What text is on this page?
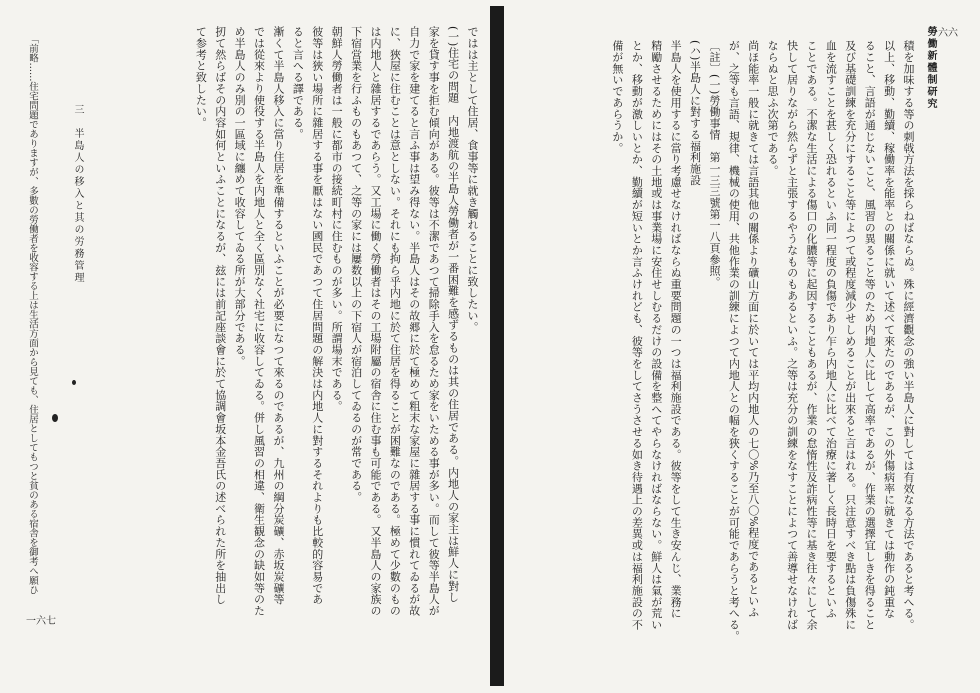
三　半島人の移入と其の労務管理	ではは主として住居、食事等に就き觸れることに致したい。
(一)住宅の問題　内地渡航の半島人勞働者が一番困難を感ずるものは其の住居である。内地人の家主は鮮人に對し
家を貸す事を拒む傾向がある。彼等は不潔であつて掃除手入を怠るため家をいためる事が多い。而して彼等半島人が
自力で家を建てると言ふ事は望み得ない。半島人はその故郷に於て極めて粗末な家屋に雜居する事に慣れてゐるが故
に、狹屋に住むことは意としない。それにも拘ら乎内地に於て住居を得ることが困難なのである。極めて少數のもの
は内地人と雜居するであらう。又工場に働く勞働者はその工場附屬の宿舎に住む事も可能である。又半島人の家族の
下宿営業を行ふものもあつて、之等の家には屢数以上の下宿人が宿泊してゐるのが常である。
朝鮮人勞働者は一般に都市の接続町村に住むものが多い。所謂場末である。
彼等は狹い場所に雜居する事を厭はない國民であつて住居問題の解決は内地人に對するそれよりも比較的容易であ
ると言へる譯である。
漸くて半島人移入に當り住居を準備するといふことが必要になつて來るのであるが、九州の綱分炭礦、赤坂炭礦等
では從來より使役する半島人を内地人と全く區別なく社宅に收容してゐる。併し風習の相違、衛生観念の缺如等のた
め半島人のみ別の一區域に纏めて收容してゐる所が大部分である。
扨て然らばその内容如何といふことになるが、玆には前記座談會に於て協調會坂本金吾氏の述べられた所を抽出し
て参考と致したい。
「前略……住宅問題でありますが、多數の勞働者を收容する上は生活方面から見ても、住居としてもつと貧のある宿舎を御考へ願ひ
一六七
勞働新體制研究
積を加味する等の刺戟方法を採らねばならぬ。殊に經濟觀念の強い半島人に對しては有效なる方法であると考へる。
以上、移動、勤續、稼働率を能率との關係に就いて述べて來たのであるが、この外傷病率に就きては動作の鈍重な
ること、言語が通じないこと、風習の異ること等のため内地人に比して高率であるが、作業の選擇宜しきを得ること
及び基礎訓練を充分にすること等によつて或程度減少せしめることが出來ると言はれる。只注意すべき點は負傷殊に
血を流すことを甚しく恐れるといふ同一程度の負傷であり乍ら内地人に比べて治療に著しく長時日を要するといふ
ことである。不潔な生活による傷口の化膿等に起因することもあるが、作業の怠惰性及詐病性等に基き往々にして余
快して居りながら然らずと主張するやうなものもあるといふ。之等は充分の訓練をなすことによつて善導せなければ
ならぬと思ふ次第である。
尚ほ能率一般に就きては言語其他の關係より礦山方面に於いては平均内地人の七〇%乃至八〇%程度であるといふ
が、之等も言語、規律、機械の使用、共他作業の訓練によつて内地人との幅を狹くすることが可能であらうと考へる。
〔註〕(一)勞働事情　第一三三號第一八頁參照。
(ハ)半島人に對する福利施設
半島人を使用するに當り考慮せなければならぬ重要問題の一つは福利施設である。彼等をして生き安んじ、業務に
精勵させるためにはその土地或は事業場に安住せしむるだけの設備を整へてやらなければならない。鮮人は氣が荒い
とか、移動が激しいとか、勤續が短いとか言ふけれども、彼等をしてさうさせる如き待遇上の差異或は福利施設の不
備が無いであらうか。
一六六
